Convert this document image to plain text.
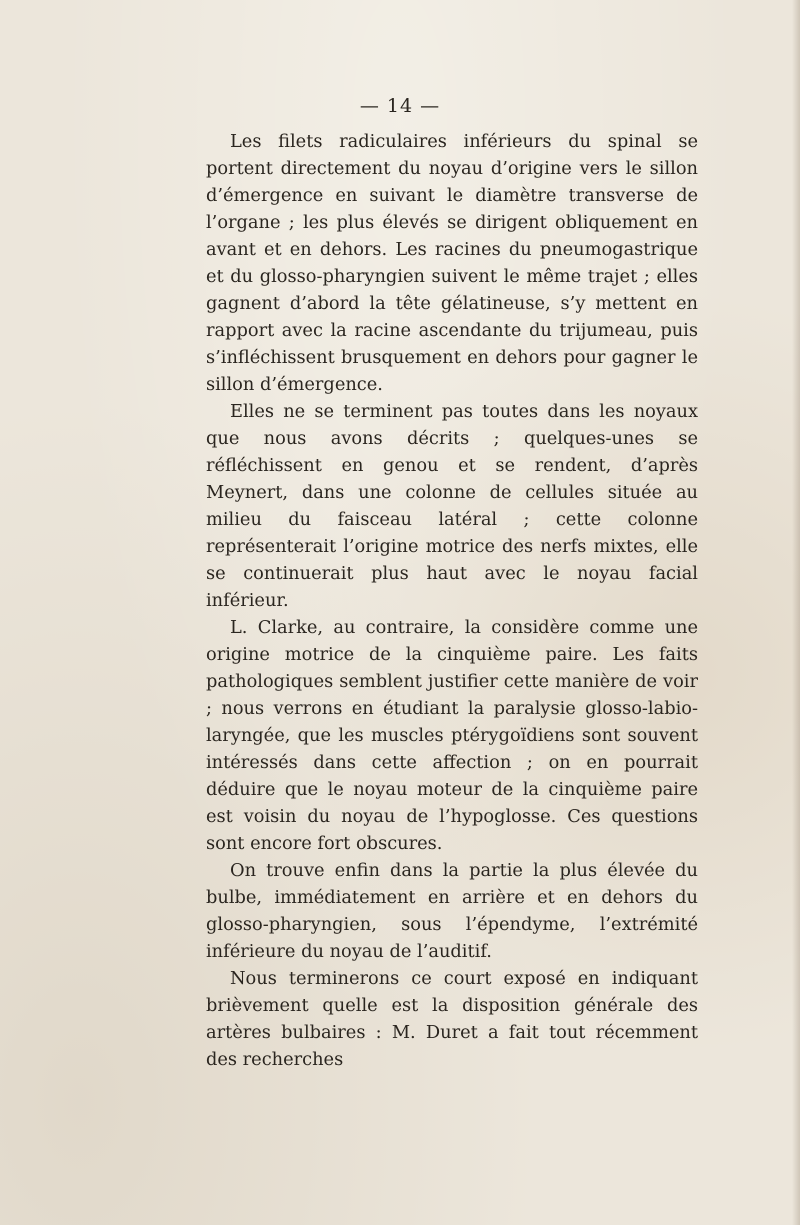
— 14 —

Les filets radiculaires inférieurs du spinal se portent directement du noyau d’origine vers le sillon d’émergence en suivant le diamètre transverse de l’organe ; les plus élevés se dirigent obliquement en avant et en dehors. Les racines du pneumogastrique et du glosso-pharyngien suivent le même trajet ; elles gagnent d’abord la tête gélatineuse, s’y mettent en rapport avec la racine ascendante du trijumeau, puis s’infléchissent brusquement en dehors pour gagner le sillon d’émergence.

Elles ne se terminent pas toutes dans les noyaux que nous avons décrits ; quelques-unes se réfléchissent en genou et se rendent, d’après Meynert, dans une colonne de cellules située au milieu du faisceau latéral ; cette colonne représenterait l’origine motrice des nerfs mixtes, elle se continuerait plus haut avec le noyau facial inférieur.

L. Clarke, au contraire, la considère comme une origine motrice de la cinquième paire. Les faits pathologiques semblent justifier cette manière de voir ; nous verrons en étudiant la paralysie glosso-labio-laryngée, que les muscles ptérygoïdiens sont souvent intéressés dans cette affection ; on en pourrait déduire que le noyau moteur de la cinquième paire est voisin du noyau de l’hypoglosse. Ces questions sont encore fort obscures.

On trouve enfin dans la partie la plus élevée du bulbe, immédiatement en arrière et en dehors du glosso-pharyngien, sous l’épendyme, l’extrémité inférieure du noyau de l’auditif.

Nous terminerons ce court exposé en indiquant brièvement quelle est la disposition générale des artères bulbaires : M. Duret a fait tout récemment des recherches
